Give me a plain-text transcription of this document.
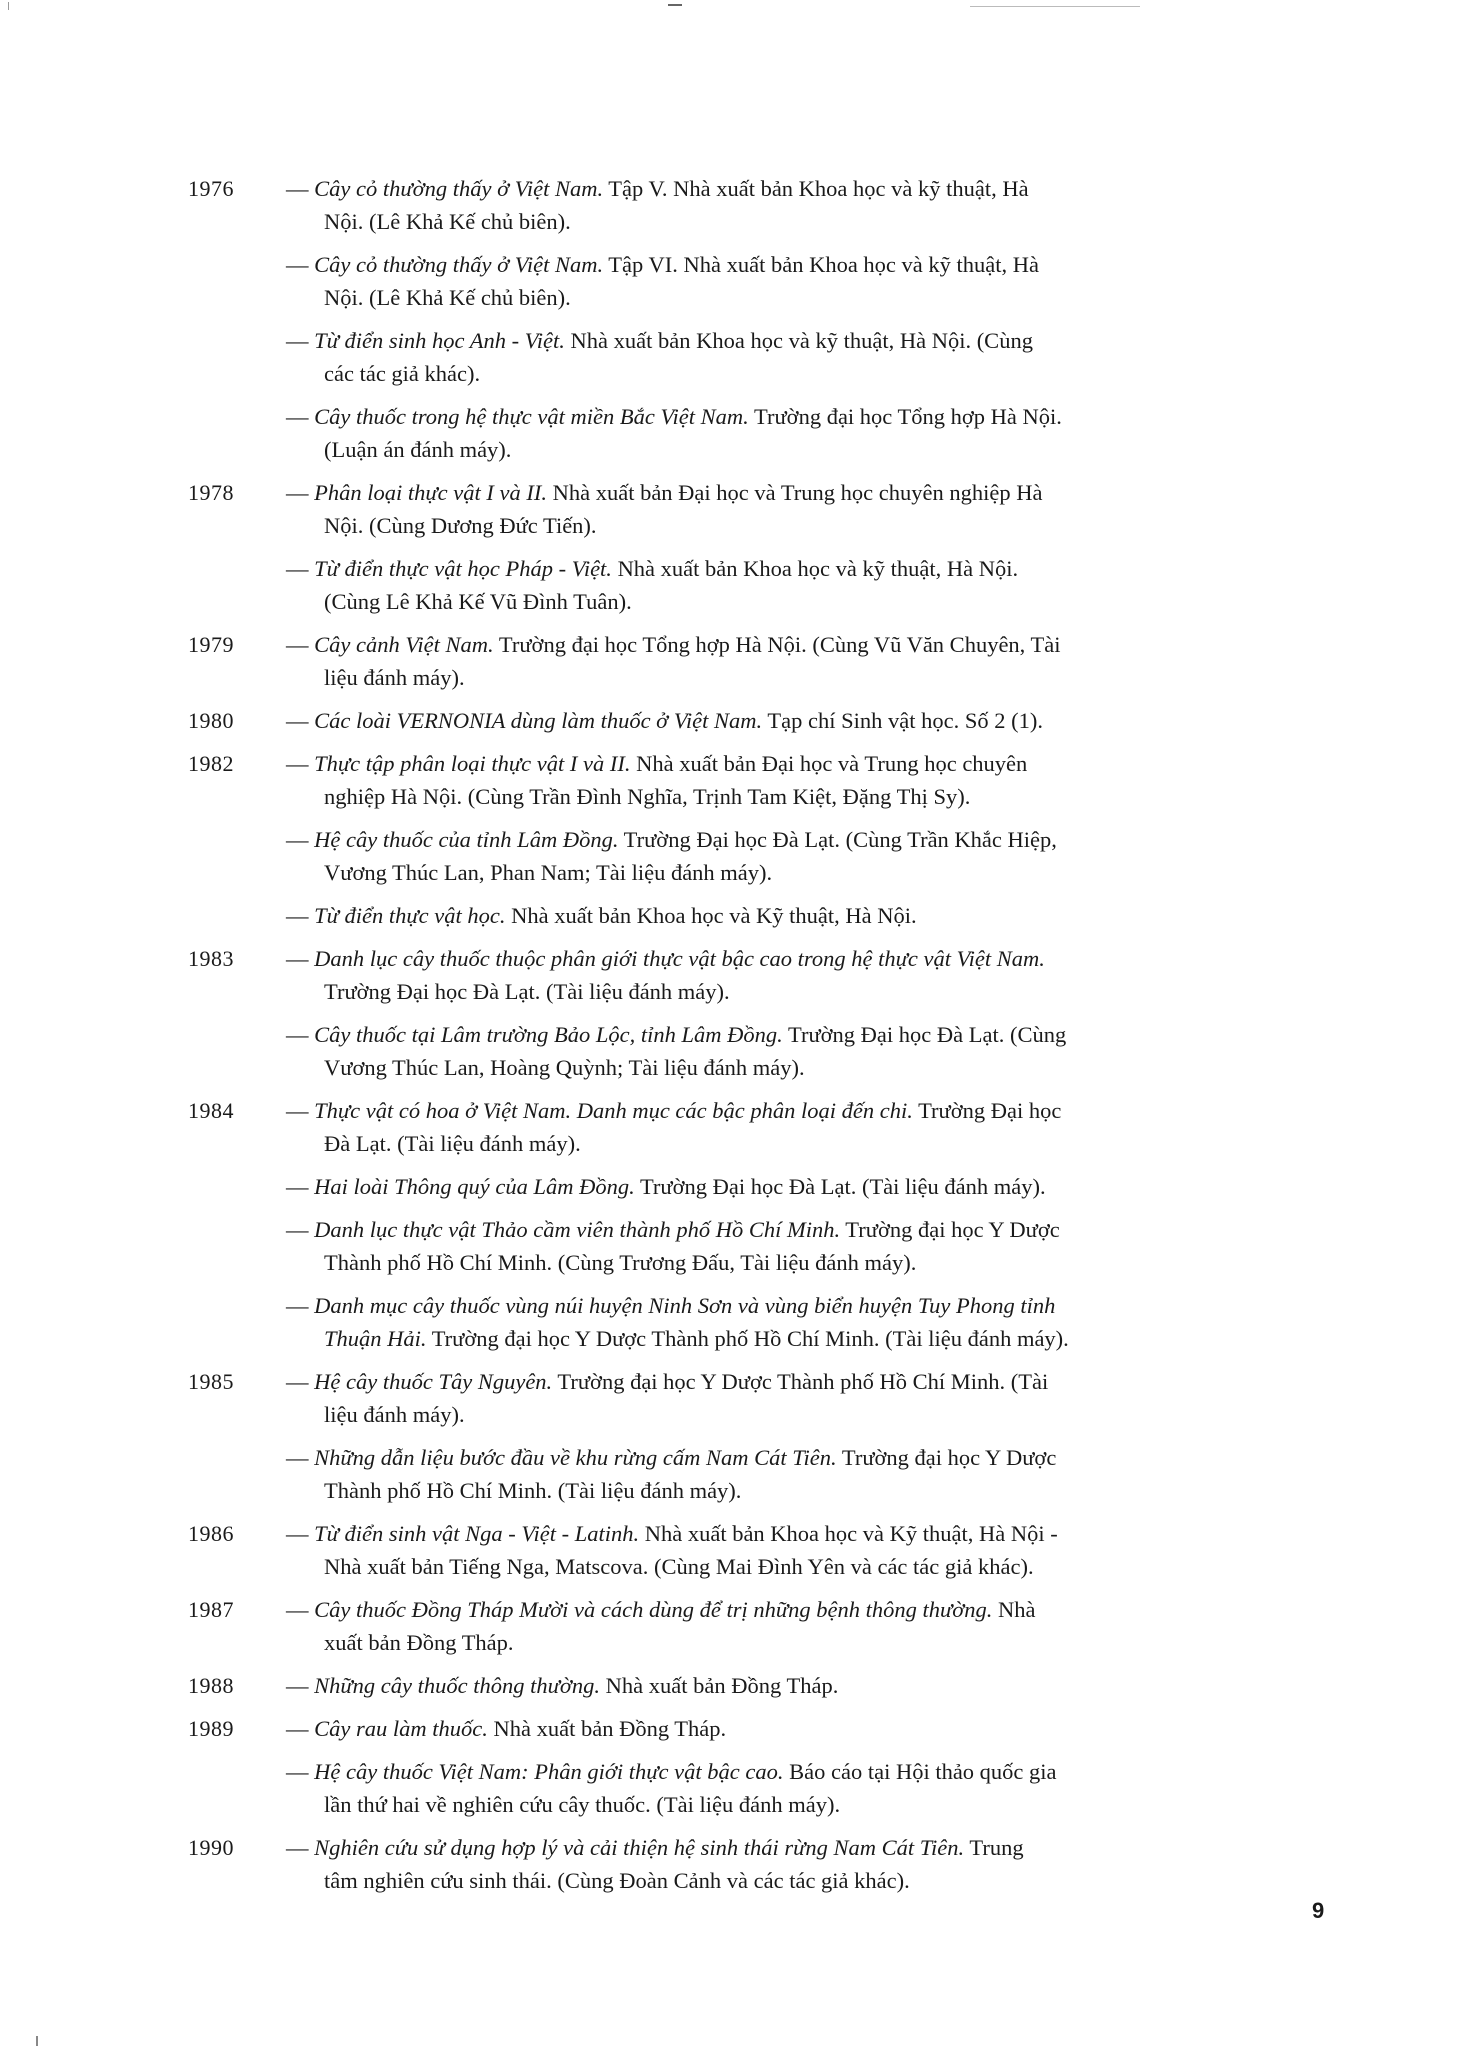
1976	— Cây cỏ thường thấy ở Việt Nam. Tập V. Nhà xuất bản Khoa học và kỹ thuật, Hà
Nội. (Lê Khả Kế chủ biên).
— Cây cỏ thường thấy ở Việt Nam. Tập VI. Nhà xuất bản Khoa học và kỹ thuật, Hà
Nội. (Lê Khả Kế chủ biên).
— Từ điển sinh học Anh - Việt. Nhà xuất bản Khoa học và kỹ thuật, Hà Nội. (Cùng
các tác giả khác).
— Cây thuốc trong hệ thực vật miền Bắc Việt Nam. Trường đại học Tổng hợp Hà Nội.
(Luận án đánh máy).
1978	— Phân loại thực vật I và II. Nhà xuất bản Đại học và Trung học chuyên nghiệp Hà
Nội. (Cùng Dương Đức Tiến).
— Từ điển thực vật học Pháp - Việt. Nhà xuất bản Khoa học và kỹ thuật, Hà Nội.
(Cùng Lê Khả Kế Vũ Đình Tuân).
1979	— Cây cảnh Việt Nam. Trường đại học Tổng hợp Hà Nội. (Cùng Vũ Văn Chuyên, Tài
liệu đánh máy).
1980	— Các loài VERNONIA dùng làm thuốc ở Việt Nam. Tạp chí Sinh vật học. Số 2 (1).
1982	— Thực tập phân loại thực vật I và II. Nhà xuất bản Đại học và Trung học chuyên
nghiệp Hà Nội. (Cùng Trần Đình Nghĩa, Trịnh Tam Kiệt, Đặng Thị Sy).
— Hệ cây thuốc của tỉnh Lâm Đồng. Trường Đại học Đà Lạt. (Cùng Trần Khắc Hiệp,
Vương Thúc Lan, Phan Nam; Tài liệu đánh máy).
— Từ điển thực vật học. Nhà xuất bản Khoa học và Kỹ thuật, Hà Nội.
1983	— Danh lục cây thuốc thuộc phân giới thực vật bậc cao trong hệ thực vật Việt Nam.
Trường Đại học Đà Lạt. (Tài liệu đánh máy).
— Cây thuốc tại Lâm trường Bảo Lộc, tỉnh Lâm Đồng. Trường Đại học Đà Lạt. (Cùng
Vương Thúc Lan, Hoàng Quỳnh; Tài liệu đánh máy).
1984	— Thực vật có hoa ở Việt Nam. Danh mục các bậc phân loại đến chi. Trường Đại học
Đà Lạt. (Tài liệu đánh máy).
— Hai loài Thông quý của Lâm Đồng. Trường Đại học Đà Lạt. (Tài liệu đánh máy).
— Danh lục thực vật Thảo cầm viên thành phố Hồ Chí Minh. Trường đại học Y Dược
Thành phố Hồ Chí Minh. (Cùng Trương Đấu, Tài liệu đánh máy).
— Danh mục cây thuốc vùng núi huyện Ninh Sơn và vùng biển huyện Tuy Phong tỉnh
Thuận Hải. Trường đại học Y Dược Thành phố Hồ Chí Minh. (Tài liệu đánh máy).
1985	— Hệ cây thuốc Tây Nguyên. Trường đại học Y Dược Thành phố Hồ Chí Minh. (Tài
liệu đánh máy).
— Những dẫn liệu bước đầu về khu rừng cấm Nam Cát Tiên. Trường đại học Y Dược
Thành phố Hồ Chí Minh. (Tài liệu đánh máy).
1986	— Từ điển sinh vật Nga - Việt - Latinh. Nhà xuất bản Khoa học và Kỹ thuật, Hà Nội -
Nhà xuất bản Tiếng Nga, Matscova. (Cùng Mai Đình Yên và các tác giả khác).
1987	— Cây thuốc Đồng Tháp Mười và cách dùng để trị những bệnh thông thường. Nhà
xuất bản Đồng Tháp.
1988	— Những cây thuốc thông thường. Nhà xuất bản Đồng Tháp.
1989	— Cây rau làm thuốc. Nhà xuất bản Đồng Tháp.
— Hệ cây thuốc Việt Nam: Phân giới thực vật bậc cao. Báo cáo tại Hội thảo quốc gia
lần thứ hai về nghiên cứu cây thuốc. (Tài liệu đánh máy).
1990	— Nghiên cứu sử dụng hợp lý và cải thiện hệ sinh thái rừng Nam Cát Tiên. Trung
tâm nghiên cứu sinh thái. (Cùng Đoàn Cảnh và các tác giả khác).
9
